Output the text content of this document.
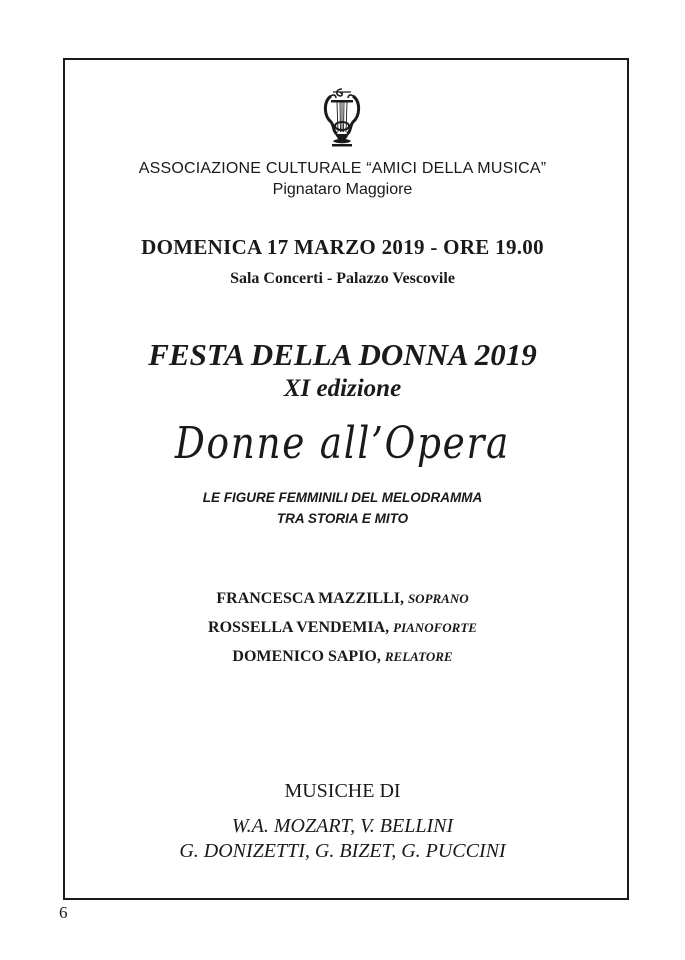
ASSOCIAZIONE CULTURALE “AMICI DELLA MUSICA”
Pignataro Maggiore
DOMENICA 17 MARZO 2019 - ORE 19.00
Sala Concerti - Palazzo Vescovile
FESTA DELLA DONNA 2019
XI edizione
Donne all’Opera
LE FIGURE FEMMINILI DEL MELODRAMMA
TRA STORIA E MITO
FRANCESCA MAZZILLI, SOPRANO
ROSSELLA VENDEMIA, PIANOFORTE
DOMENICO SAPIO, RELATORE
MUSICHE DI
W.A. MOZART, V. BELLINI
G. DONIZETTI, G. BIZET, G. PUCCINI
6
